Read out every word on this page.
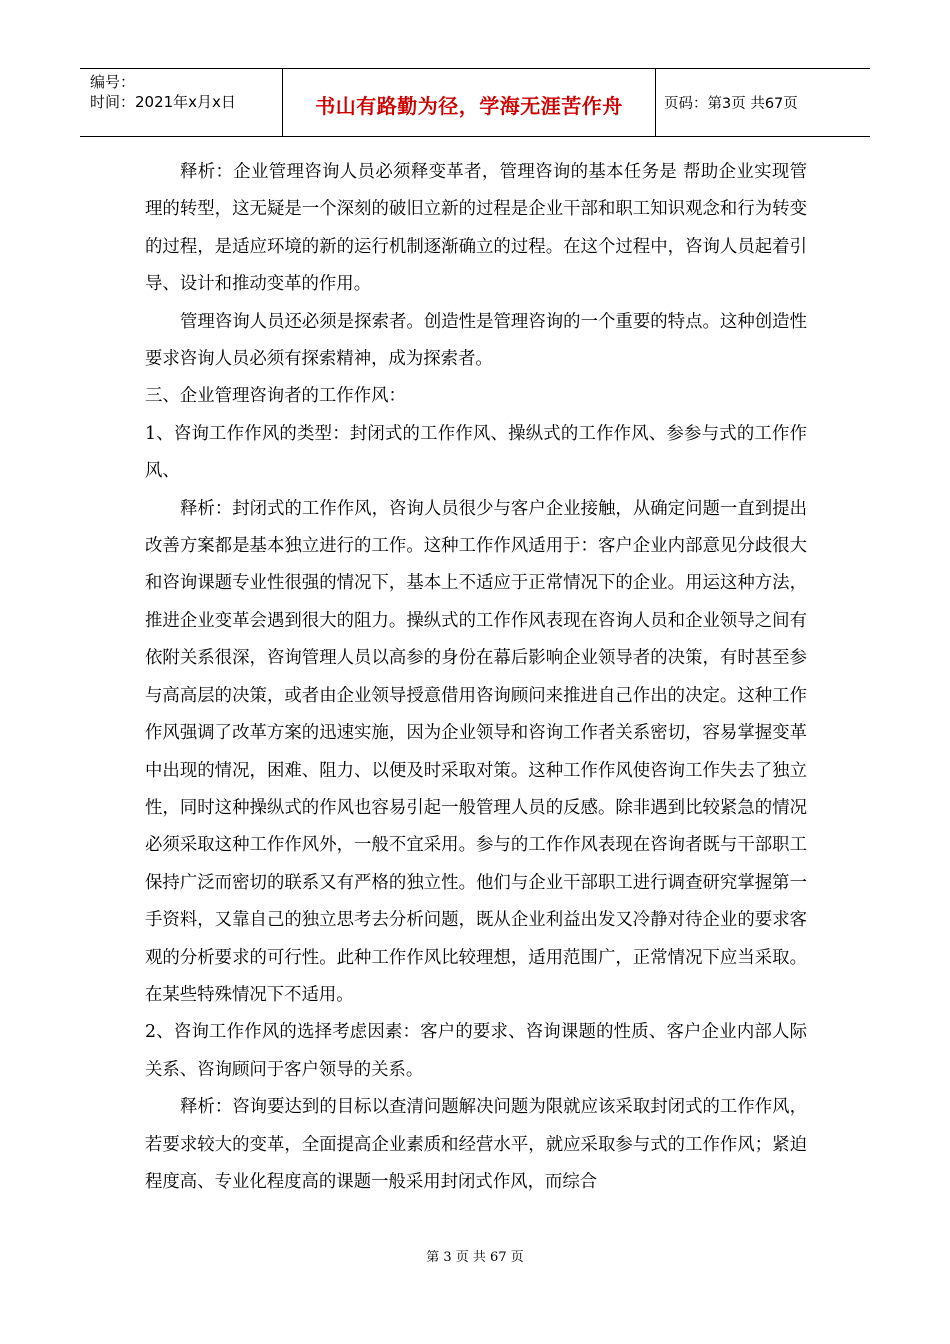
编号：
时间：2021年x月x日	书山有路勤为径，学海无涯苦作舟	页码：第3页 共67页

释析：企业管理咨询人员必须释变革者，管理咨询的基本任务是 帮助企业实现管理的转型，这无疑是一个深刻的破旧立新的过程是企业干部和职工知识观念和行为转变的过程，是适应环境的新的运行机制逐渐确立的过程。在这个过程中，咨询人员起着引导、设计和推动变革的作用。

管理咨询人员还必须是探索者。创造性是管理咨询的一个重要的特点。这种创造性要求咨询人员必须有探索精神，成为探索者。

三、企业管理咨询者的工作作风：

1、咨询工作作风的类型：封闭式的工作作风、操纵式的工作作风、参参与式的工作作风、

释析：封闭式的工作作风，咨询人员很少与客户企业接触，从确定问题一直到提出改善方案都是基本独立进行的工作。这种工作作风适用于：客户企业内部意见分歧很大和咨询课题专业性很强的情况下，基本上不适应于正常情况下的企业。用运这种方法，推进企业变革会遇到很大的阻力。操纵式的工作作风表现在咨询人员和企业领导之间有依附关系很深，咨询管理人员以高参的身份在幕后影响企业领导者的决策，有时甚至参与高高层的决策，或者由企业领导授意借用咨询顾问来推进自己作出的决定。这种工作作风强调了改革方案的迅速实施，因为企业领导和咨询工作者关系密切，容易掌握变革中出现的情况，困难、阻力、以便及时采取对策。这种工作作风使咨询工作失去了独立性，同时这种操纵式的作风也容易引起一般管理人员的反感。除非遇到比较紧急的情况必须采取这种工作作风外，一般不宜采用。参与的工作作风表现在咨询者既与干部职工保持广泛而密切的联系又有严格的独立性。他们与企业干部职工进行调查研究掌握第一手资料，又靠自己的独立思考去分析问题，既从企业利益出发又冷静对待企业的要求客观的分析要求的可行性。此种工作作风比较理想，适用范围广，正常情况下应当采取。在某些特殊情况下不适用。

2、咨询工作作风的选择考虑因素：客户的要求、咨询课题的性质、客户企业内部人际关系、咨询顾问于客户领导的关系。

释析：咨询要达到的目标以查清问题解决问题为限就应该采取封闭式的工作作风，若要求较大的变革，全面提高企业素质和经营水平，就应采取参与式的工作作风；紧迫程度高、专业化程度高的课题一般采用封闭式作风，而综合

第 3 页 共 67 页
